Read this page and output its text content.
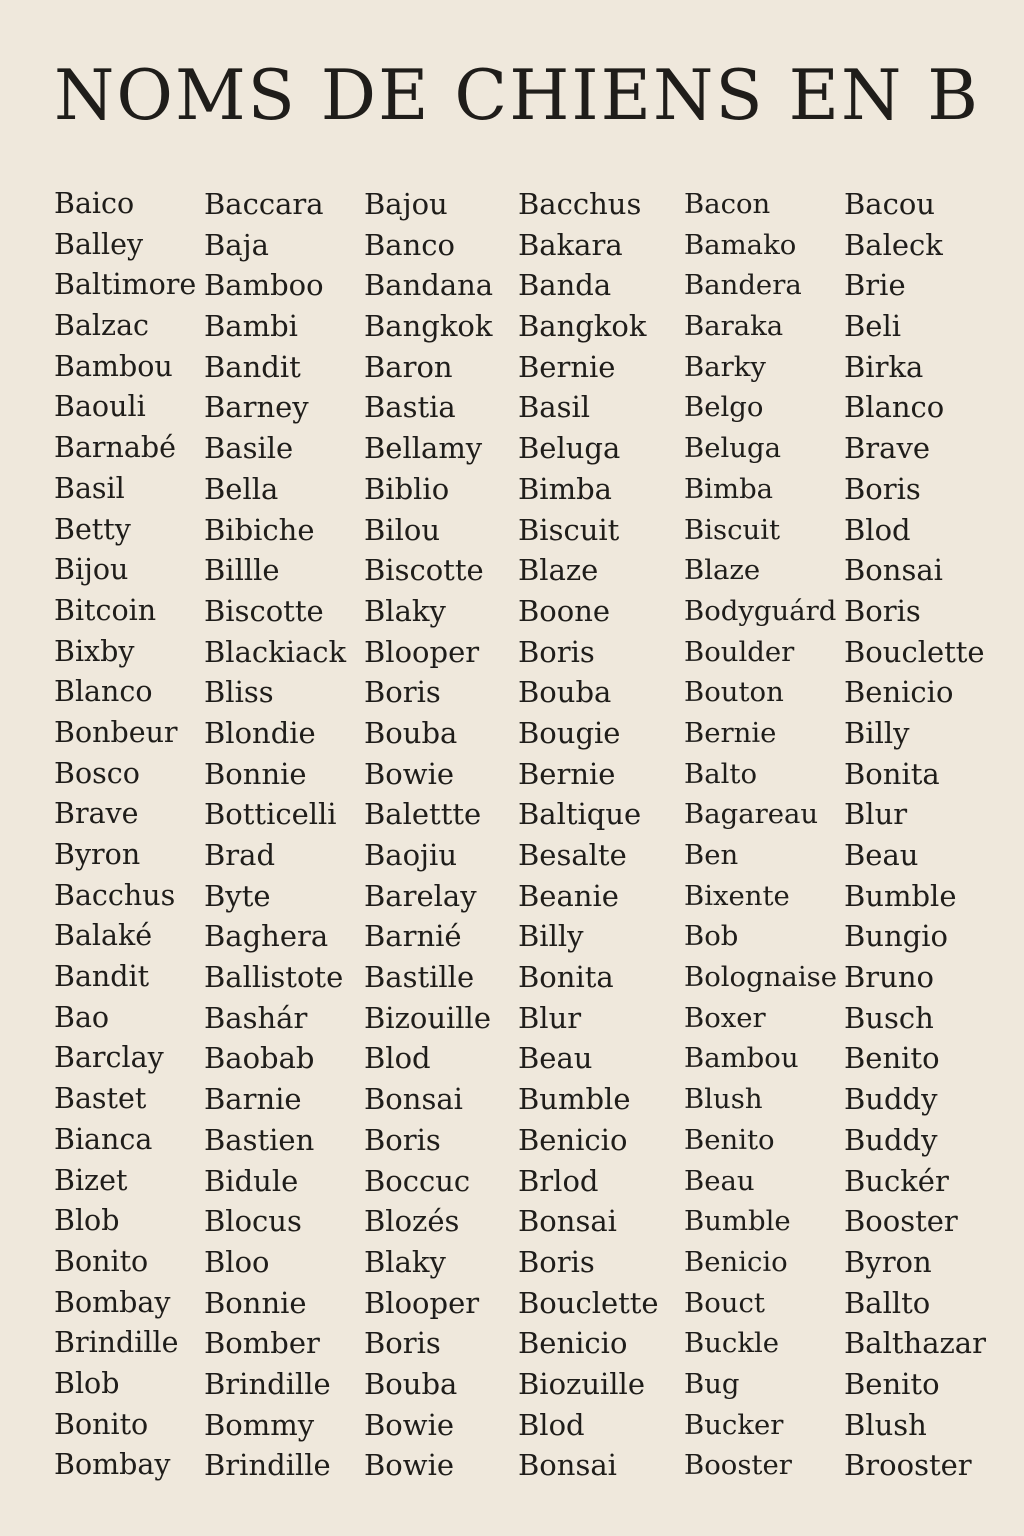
NOMS DE CHIENS EN B
Baico
Balley
Baltimore
Balzac
Bambou
Baouli
Barnabé
Basil
Betty
Bijou
Bitcoin
Bixby
Blanco
Bonbeur
Bosco
Brave
Byron
Bacchus
Balaké
Bandit
Bao
Barclay
Bastet
Bianca
Bizet
Blob
Bonito
Bombay
Brindille
Blob
Bonito
Bombay
Baccara
Baja
Bamboo
Bambi
Bandit
Barney
Basile
Bella
Bibiche
Billle
Biscotte
Blackiack
Bliss
Blondie
Bonnie
Botticelli
Brad
Byte
Baghera
Ballistote
Bashár
Baobab
Barnie
Bastien
Bidule
Blocus
Bloo
Bonnie
Bomber
Brindille
Bommy
Brindille
Bajou
Banco
Bandana
Bangkok
Baron
Bastia
Bellamy
Biblio
Bilou
Biscotte
Blaky
Blooper
Boris
Bouba
Bowie
Balettte
Baojiu
Barelay
Barnié
Bastille
Bizouille
Blod
Bonsai
Boris
Boccuc
Blozés
Blaky
Blooper
Boris
Bouba
Bowie
Bowie
Bacchus
Bakara
Banda
Bangkok
Bernie
Basil
Beluga
Bimba
Biscuit
Blaze
Boone
Boris
Bouba
Bougie
Bernie
Baltique
Besalte
Beanie
Billy
Bonita
Blur
Beau
Bumble
Benicio
Brlod
Bonsai
Boris
Bouclette
Benicio
Biozuille
Blod
Bonsai
Bacon
Bamako
Bandera
Baraka
Barky
Belgo
Beluga
Bimba
Biscuit
Blaze
Bodyguárd
Boulder
Bouton
Bernie
Balto
Bagareau
Ben
Bixente
Bob
Bolognaise
Boxer
Bambou
Blush
Benito
Beau
Bumble
Benicio
Bouct
Buckle
Bug
Bucker
Booster
Bacou
Baleck
Brie
Beli
Birka
Blanco
Brave
Boris
Blod
Bonsai
Boris
Bouclette
Benicio
Billy
Bonita
Blur
Beau
Bumble
Bungio
Bruno
Busch
Benito
Buddy
Buddy
Buckér
Booster
Byron
Ballto
Balthazar
Benito
Blush
Brooster
